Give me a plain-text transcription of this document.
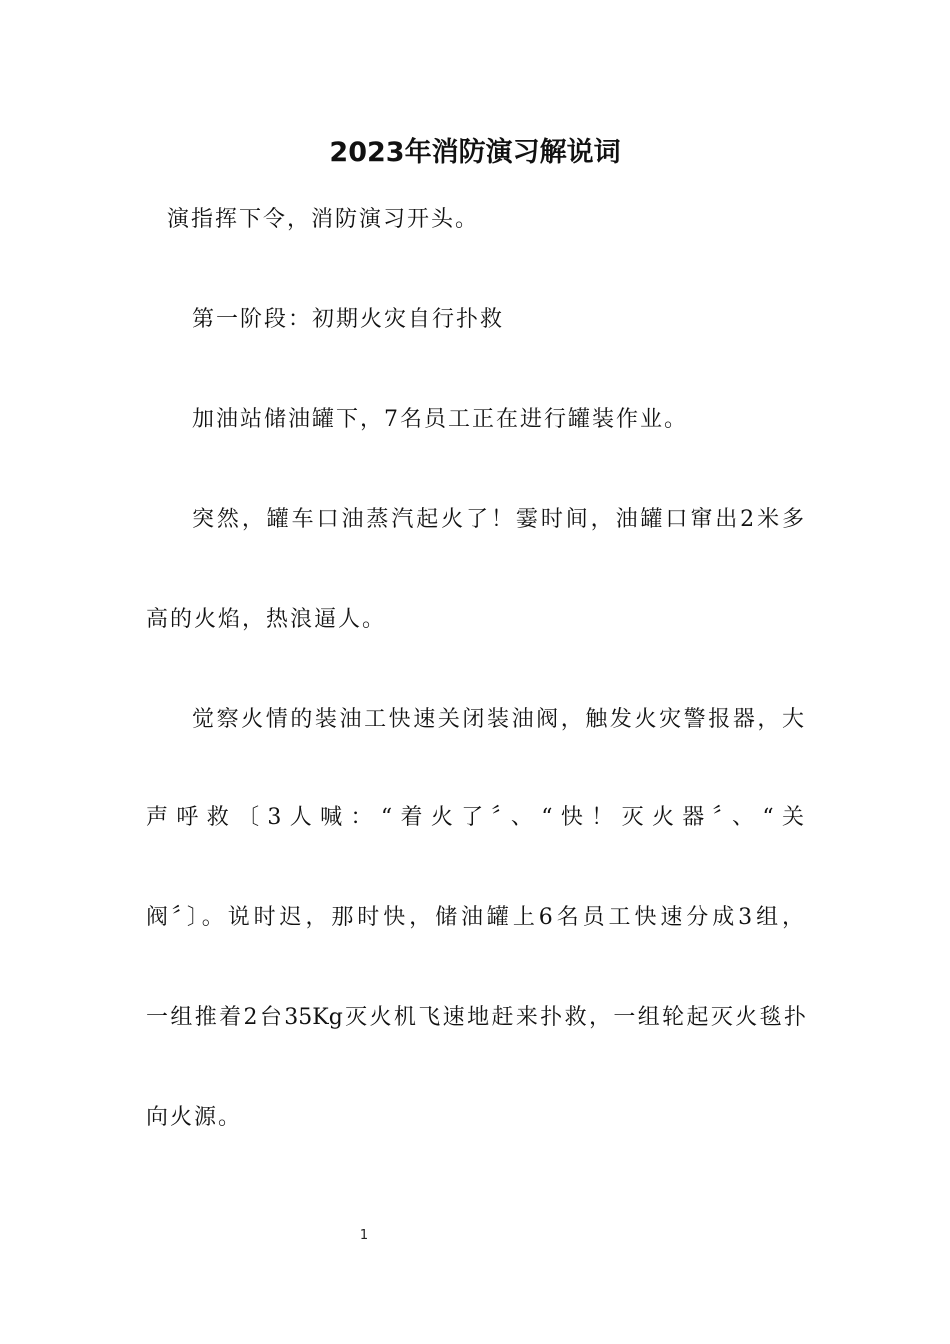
2023年消防演习解说词
演指挥下令，消防演习开头。
第一阶段：初期火灾自行扑救
加油站储油罐下，7名员工正在进行罐装作业。
突然，罐车口油蒸汽起火了！霎时间，油罐口窜出2米多
高的火焰，热浪逼人。
觉察火情的装油工快速关闭装油阀，触发火灾警报器，大
声呼救〔3人喊：“着火了〞、“快！灭火器〞、“关
阀〞〕。说时迟，那时快，储油罐上6名员工快速分成3组，
一组推着2台35Kg灭火机飞速地赶来扑救，一组轮起灭火毯扑
向火源。
1
